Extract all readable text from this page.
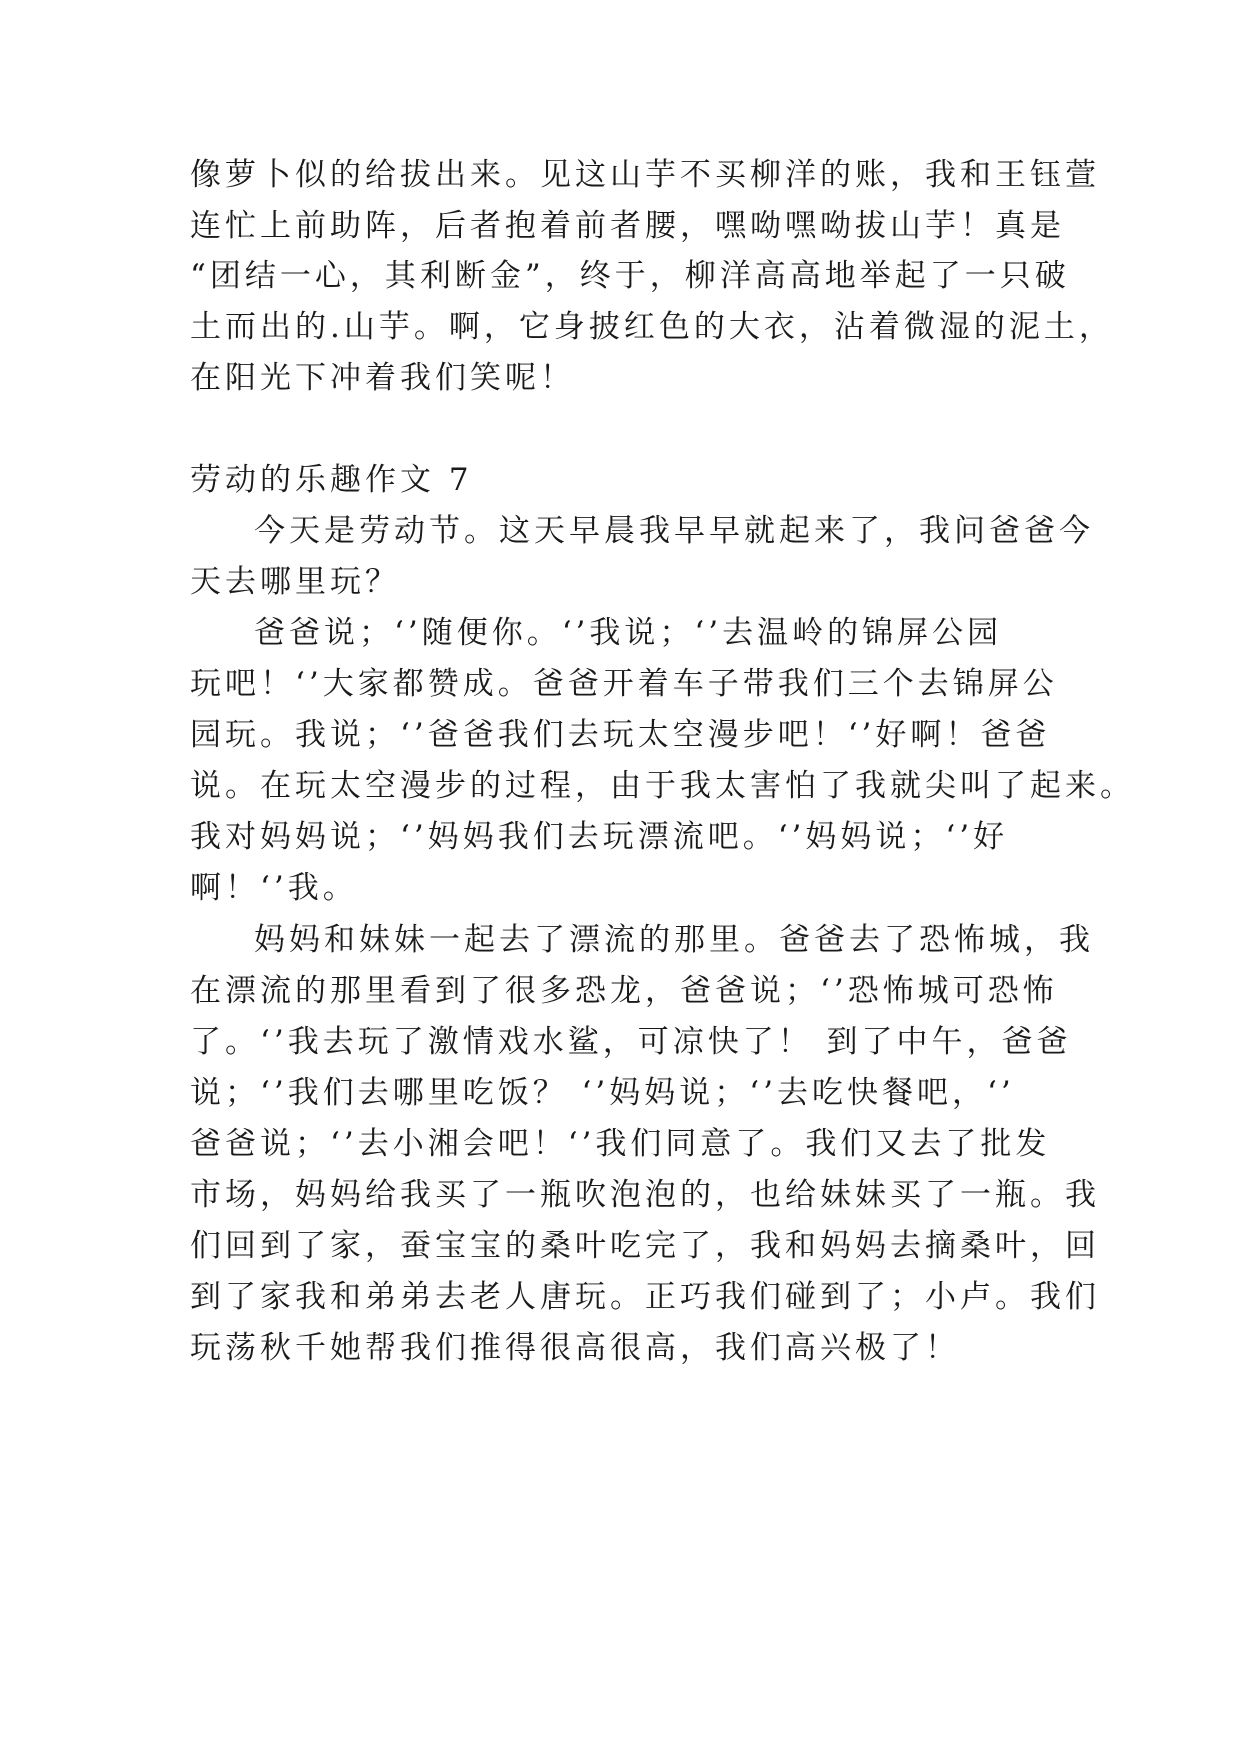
像萝卜似的给拔出来。见这山芋不买柳洋的账，我和王钰萱
连忙上前助阵，后者抱着前者腰，嘿呦嘿呦拔山芋！真是
“团结一心，其利断金”，终于，柳洋高高地举起了一只破
土而出的.山芋。啊，它身披红色的大衣，沾着微湿的泥土，
在阳光下冲着我们笑呢！
劳动的乐趣作文 7
今天是劳动节。这天早晨我早早就起来了，我问爸爸今
天去哪里玩？
爸爸说；‘’随便你。‘’我说；‘’去温岭的锦屏公园
玩吧！‘’大家都赞成。爸爸开着车子带我们三个去锦屏公
园玩。我说；‘’爸爸我们去玩太空漫步吧！‘’好啊！爸爸
说。在玩太空漫步的过程，由于我太害怕了我就尖叫了起来。
我对妈妈说；‘’妈妈我们去玩漂流吧。‘’妈妈说；‘’好
啊！‘’我。
妈妈和妹妹一起去了漂流的那里。爸爸去了恐怖城，我
在漂流的那里看到了很多恐龙，爸爸说；‘’恐怖城可恐怖
了。‘’我去玩了激情戏水鲨，可凉快了！ 到了中午，爸爸
说；‘’我们去哪里吃饭？ ‘’妈妈说；‘’去吃快餐吧，‘’
爸爸说；‘’去小湘会吧！‘’我们同意了。我们又去了批发
市场，妈妈给我买了一瓶吹泡泡的，也给妹妹买了一瓶。我
们回到了家，蚕宝宝的桑叶吃完了，我和妈妈去摘桑叶，回
到了家我和弟弟去老人唐玩。正巧我们碰到了；小卢。我们
玩荡秋千她帮我们推得很高很高，我们高兴极了！
